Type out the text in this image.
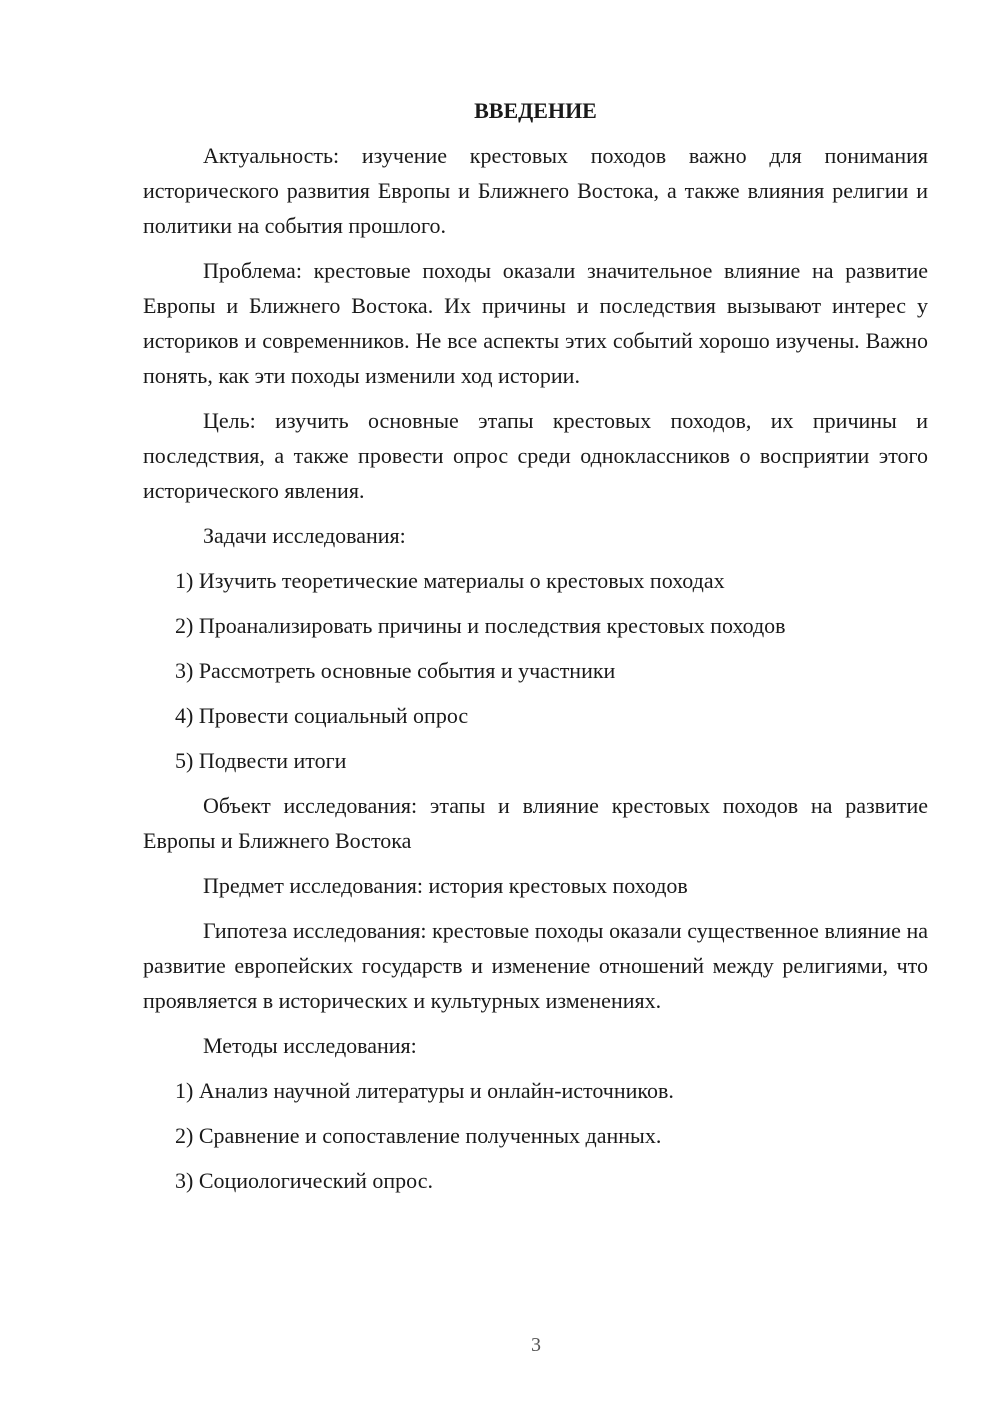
ВВЕДЕНИЕ

Актуальность: изучение крестовых походов важно для понимания исторического развития Европы и Ближнего Востока, а также влияния религии и политики на события прошлого.

Проблема: крестовые походы оказали значительное влияние на развитие Европы и Ближнего Востока. Их причины и последствия вызывают интерес у историков и современников. Не все аспекты этих событий хорошо изучены. Важно понять, как эти походы изменили ход истории.

Цель: изучить основные этапы крестовых походов, их причины и последствия, а также провести опрос среди одноклассников о восприятии этого исторического явления.

Задачи исследования:

1) Изучить теоретические материалы о крестовых походах
2) Проанализировать причины и последствия крестовых походов
3) Рассмотреть основные события и участники
4) Провести социальный опрос
5) Подвести итоги

Объект исследования: этапы и влияние крестовых походов на развитие Европы и Ближнего Востока

Предмет исследования: история крестовых походов

Гипотеза исследования: крестовые походы оказали существенное влияние на развитие европейских государств и изменение отношений между религиями, что проявляется в исторических и культурных изменениях.

Методы исследования:

1) Анализ научной литературы и онлайн-источников.
2) Сравнение и сопоставление полученных данных.
3) Социологический опрос.
3
